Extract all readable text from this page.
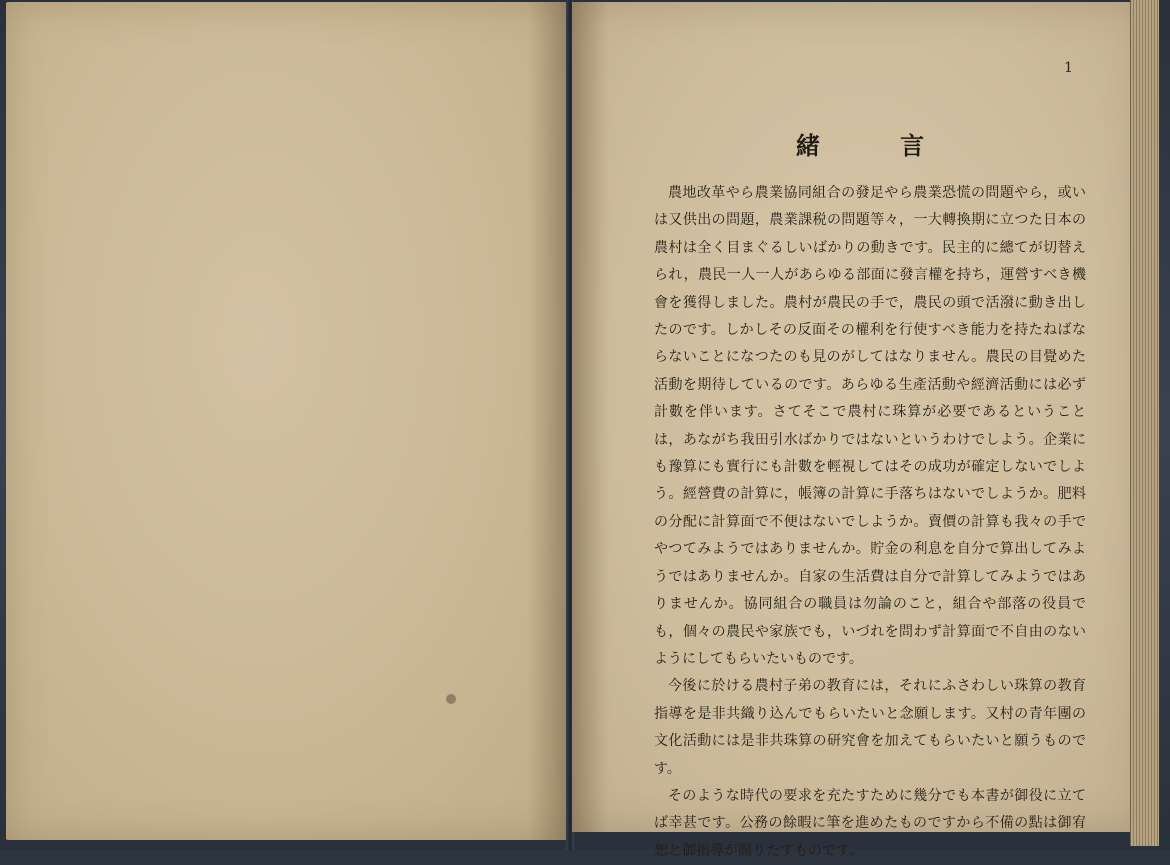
1
緒 言

農地改革やら農業協同組合の發足やら農業恐慌の問題やら，或いは又供出の問題，農業課税の問題等々，一大轉換期に立つた日本の農村は全く目まぐるしいばかりの動きです。民主的に總てが切替えられ，農民一人一人があらゆる部面に發言權を持ち，運營すべき機會を獲得しました。農村が農民の手で，農民の頭で活潑に動き出したのです。しかしその反面その權利を行使すべき能力を持たねばならないことになつたのも見のがしてはなりません。農民の目覺めた活動を期待しているのです。あらゆる生產活動や經濟活動には必ず計數を伴います。さてそこで農村に珠算が必要であるということは，あながち我田引水ばかりではないというわけでしよう。企業にも豫算にも實行にも計數を輕視してはその成功が確定しないでしよう。經營費の計算に，帳簿の計算に手落ちはないでしようか。肥料の分配に計算面で不便はないでしようか。賣價の計算も我々の手でやつてみようではありませんか。貯金の利息を自分で算出してみようではありませんか。自家の生活費は自分で計算してみようではありませんか。協同組合の職員は勿論のこと，組合や部落の役員でも，個々の農民や家族でも，いづれを問わず計算面で不自由のないようにしてもらいたいものです。

今後に於ける農村子弟の教育には，それにふさわしい珠算の教育指導を是非共織り込んでもらいたいと念願します。又村の青年團の文化活動には是非共珠算の研究會を加えてもらいたいと願うものです。

そのような時代の要求を充たすために幾分でも本書が御役に立てば幸甚です。公務の餘暇に筆を進めたものですから不備の點は御宥恕と御指導が賜りたすものです。
